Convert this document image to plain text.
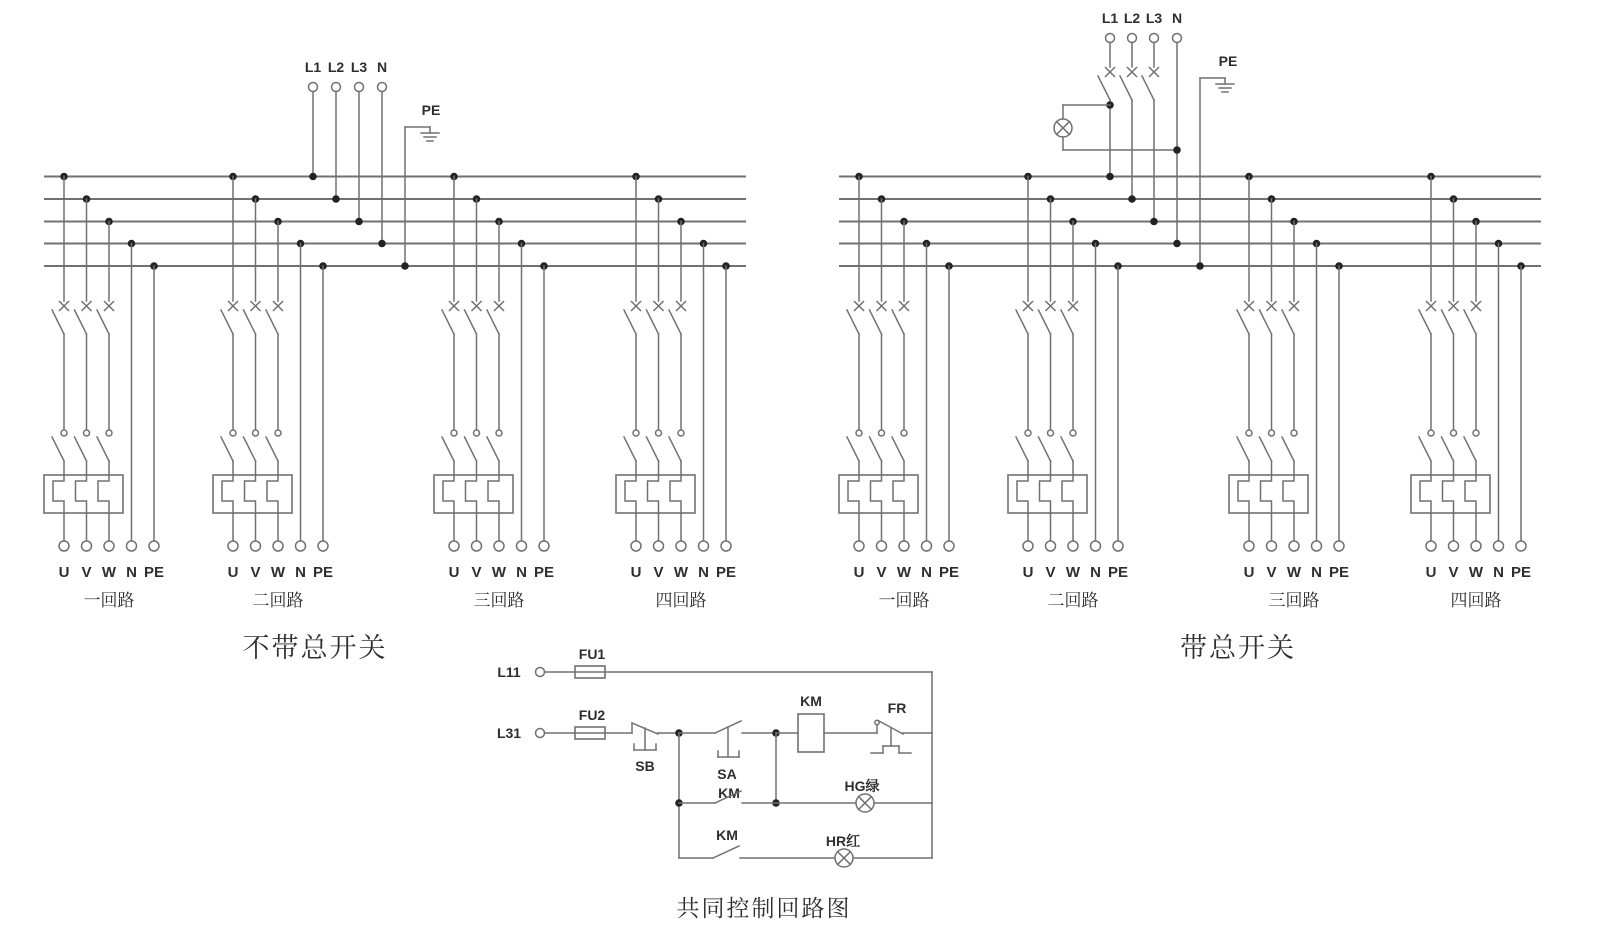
L1 L2 L3 N
PE
U V W N PE
一回路
U V W N PE
二回路
U V W N PE
三回路
U V W N PE
四回路
不带总开关
L1 L2 L3 N
PE
U V W N PE
一回路
U V W N PE
二回路
U V W N PE
三回路
U V W N PE
四回路
带总开关
L11
FU1
L31
FU2
SB	SA
KM
KM	FR
HG绿
KM	HR红
共同控制回路图
